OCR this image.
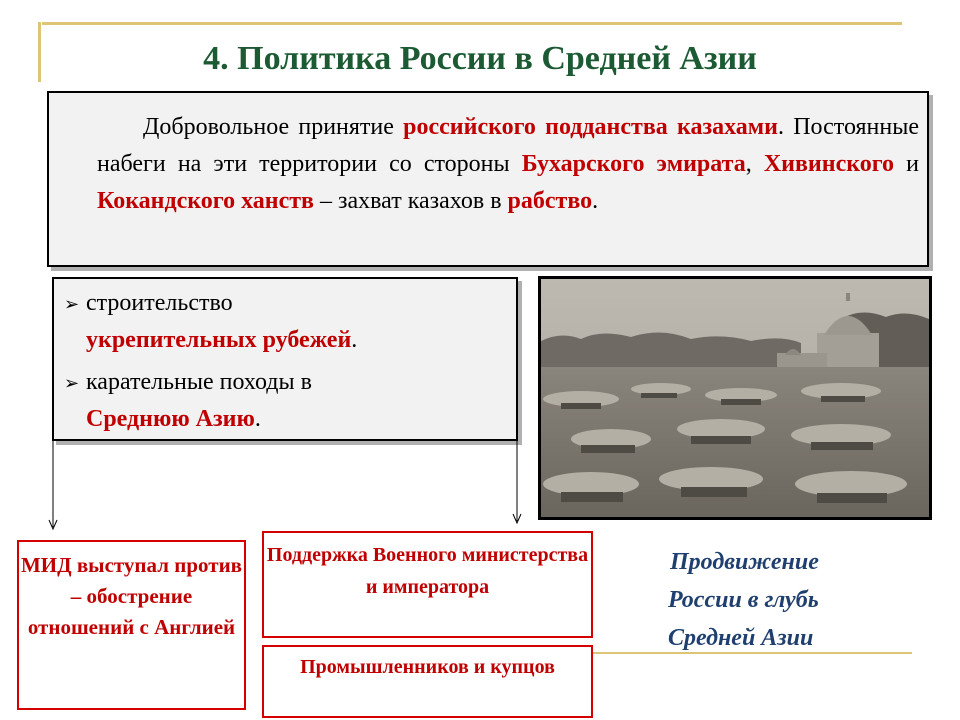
4. Политика России в Средней Азии
Добровольное принятие российского подданства казахами. Постоянные набеги на эти территории со стороны Бухарского эмирата, Хивинского и Кокандского ханств – захват казахов в рабство.
➢ строительство
укрепительных рубежей.
➢ карательные походы в
Среднюю Азию.
МИД выступал против – обострение отношений с Англией
Поддержка Военного министерства и императора
Промышленников и купцов
Продвижение
России в глубь
Средней Азии
